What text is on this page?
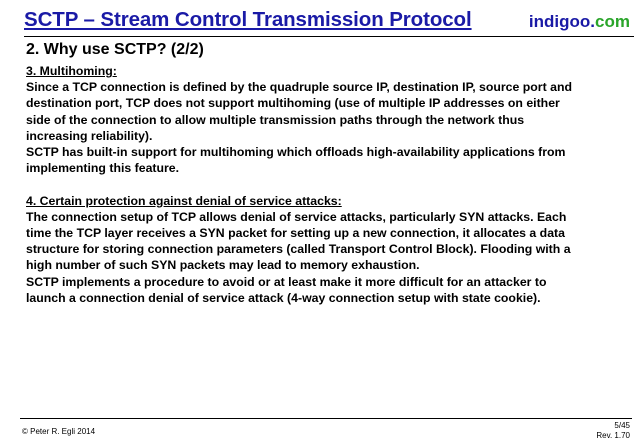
SCTP – Stream Control Transmission Protocol	indigoo.com
2. Why use SCTP? (2/2)

3. Multihoming:

Since a TCP connection is defined by the quadruple source IP, destination IP, source port and

destination port, TCP does not support multihoming (use of multiple IP addresses on either

side of the connection to allow multiple transmission paths through the network thus

increasing reliability).

SCTP has built-in support for multihoming which offloads high-availability applications from

implementing this feature.

4. Certain protection against denial of service attacks:

The connection setup of TCP allows denial of service attacks, particularly SYN attacks. Each

time the TCP layer receives a SYN packet for setting up a new connection, it allocates a data

structure for storing connection parameters (called Transport Control Block). Flooding with a

high number of such SYN packets may lead to memory exhaustion.

SCTP implements a procedure to avoid or at least make it more difficult for an attacker to

launch a connection denial of service attack (4-way connection setup with state cookie).

© Peter R. Egli 2014
5/45
Rev. 1.70
